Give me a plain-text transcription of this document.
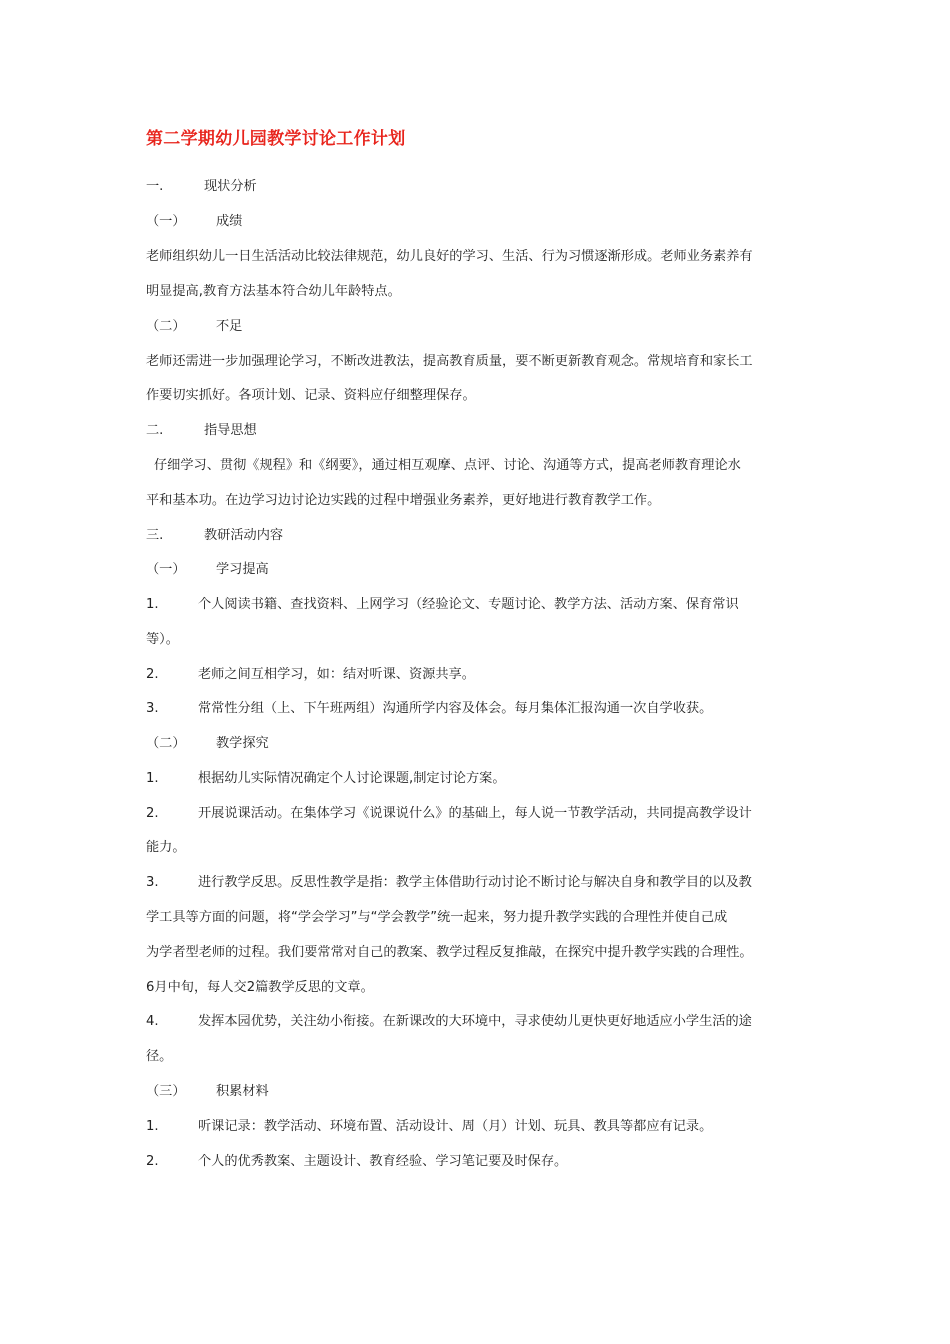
第二学期幼儿园教学讨论工作计划
一.	现状分析
（一） 成绩
老师组织幼儿一日生活活动比较法律规范，幼儿良好的学习、生活、行为习惯逐渐形成。老师业务素养有
明显提高,教育方法基本符合幼儿年龄特点。
（二） 不足
老师还需进一步加强理论学习，不断改进教法，提高教育质量，要不断更新教育观念。常规培育和家长工
作要切实抓好。各项计划、记录、资料应仔细整理保存。
二.	指导思想
仔细学习、贯彻《规程》和《纲要》，通过相互观摩、点评、讨论、沟通等方式，提高老师教育理论水
平和基本功。在边学习边讨论边实践的过程中增强业务素养，更好地进行教育教学工作。
三.	教研活动内容
（一） 学习提高
1.	个人阅读书籍、查找资料、上网学习（经验论文、专题讨论、教学方法、活动方案、保育常识
等）。
2.	老师之间互相学习，如：结对听课、资源共享。
3.	常常性分组（上、下午班两组）沟通所学内容及体会。每月集体汇报沟通一次自学收获。
（二） 教学探究
1.	根据幼儿实际情况确定个人讨论课题,制定讨论方案。
2.	开展说课活动。在集体学习《说课说什么》的基础上，每人说一节教学活动，共同提高教学设计
能力。
3.	进行教学反思。反思性教学是指：教学主体借助行动讨论不断讨论与解决自身和教学目的以及教
学工具等方面的问题，将“学会学习”与“学会教学”统一起来，努力提升教学实践的合理性并使自己成
为学者型老师的过程。我们要常常对自己的教案、教学过程反复推敲，在探究中提升教学实践的合理性。
6月中旬，每人交2篇教学反思的文章。
4.	发挥本园优势，关注幼小衔接。在新课改的大环境中，寻求使幼儿更快更好地适应小学生活的途
径。
（三） 积累材料
1.	听课记录：教学活动、环境布置、活动设计、周（月）计划、玩具、教具等都应有记录。
2.	个人的优秀教案、主题设计、教育经验、学习笔记要及时保存。
